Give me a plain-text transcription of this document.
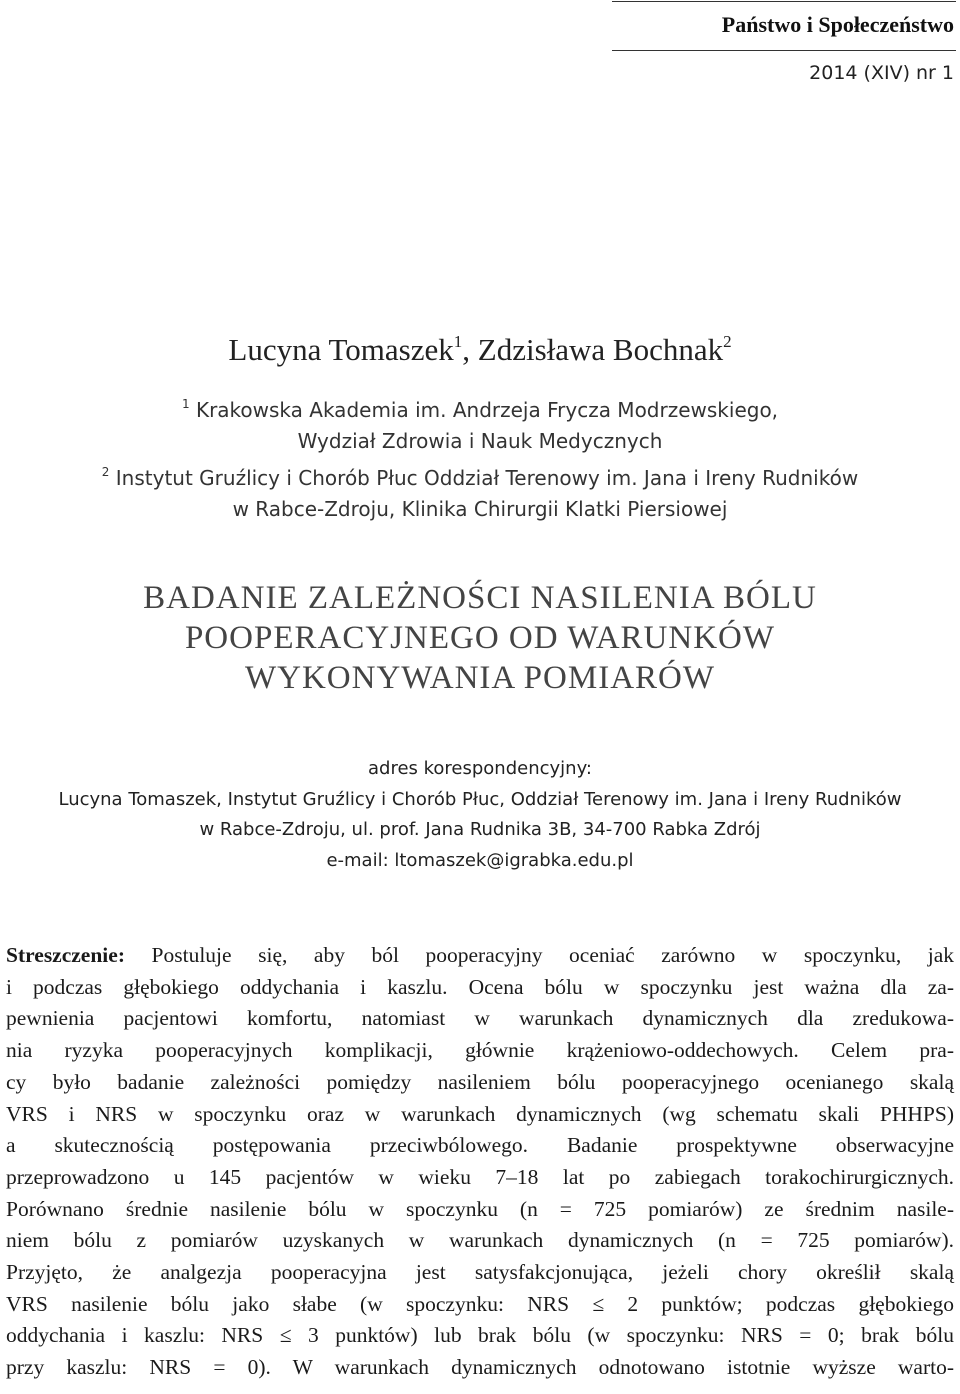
Państwo i Społeczeństwo
2014 (XIV) nr 1
Lucyna Tomaszek$^1$, Zdzisława Bochnak$^2$
$^1$ Krakowska Akademia im. Andrzeja Frycza Modrzewskiego,
Wydział Zdrowia i Nauk Medycznych
$^2$ Instytut Gruźlicy i Chorób Płuc Oddział Terenowy im. Jana i Ireny Rudników
w Rabce-Zdroju, Klinika Chirurgii Klatki Piersiowej
BADANIE ZALEŻNOŚCI NASILENIA BÓLU
POOPERACYJNEGO OD WARUNKÓW
WYKONYWANIA POMIARÓW
adres korespondencyjny:
Lucyna Tomaszek, Instytut Gruźlicy i Chorób Płuc, Oddział Terenowy im. Jana i Ireny Rudników
w Rabce-Zdroju, ul. prof. Jana Rudnika 3B, 34-700 Rabka Zdrój
e-mail: ltomaszek@igrabka.edu.pl
Streszczenie: Postuluje się, aby ból pooperacyjny oceniać zarówno w spoczynku, jak
i podczas głębokiego oddychania i kaszlu. Ocena bólu w spoczynku jest ważna dla za-
pewnienia pacjentowi komfortu, natomiast w warunkach dynamicznych dla zredukowa-
nia ryzyka pooperacyjnych komplikacji, głównie krążeniowo-oddechowych. Celem pra-
cy było badanie zależności pomiędzy nasileniem bólu pooperacyjnego ocenianego skalą
VRS i NRS w spoczynku oraz w warunkach dynamicznych (wg schematu skali PHHPS)
a skutecznością postępowania przeciwbólowego. Badanie prospektywne obserwacyjne
przeprowadzono u 145 pacjentów w wieku 7–18 lat po zabiegach torakochirurgicznych.
Porównano średnie nasilenie bólu w spoczynku (n = 725 pomiarów) ze średnim nasile-
niem bólu z pomiarów uzyskanych w warunkach dynamicznych (n = 725 pomiarów).
Przyjęto, że analgezja pooperacyjna jest satysfakcjonująca, jeżeli chory określił skalą
VRS nasilenie bólu jako słabe (w spoczynku: NRS ≤ 2 punktów; podczas głębokiego
oddychania i kaszlu: NRS ≤ 3 punktów) lub brak bólu (w spoczynku: NRS = 0; brak bólu
przy kaszlu: NRS = 0). W warunkach dynamicznych odnotowano istotnie wyższe warto-
